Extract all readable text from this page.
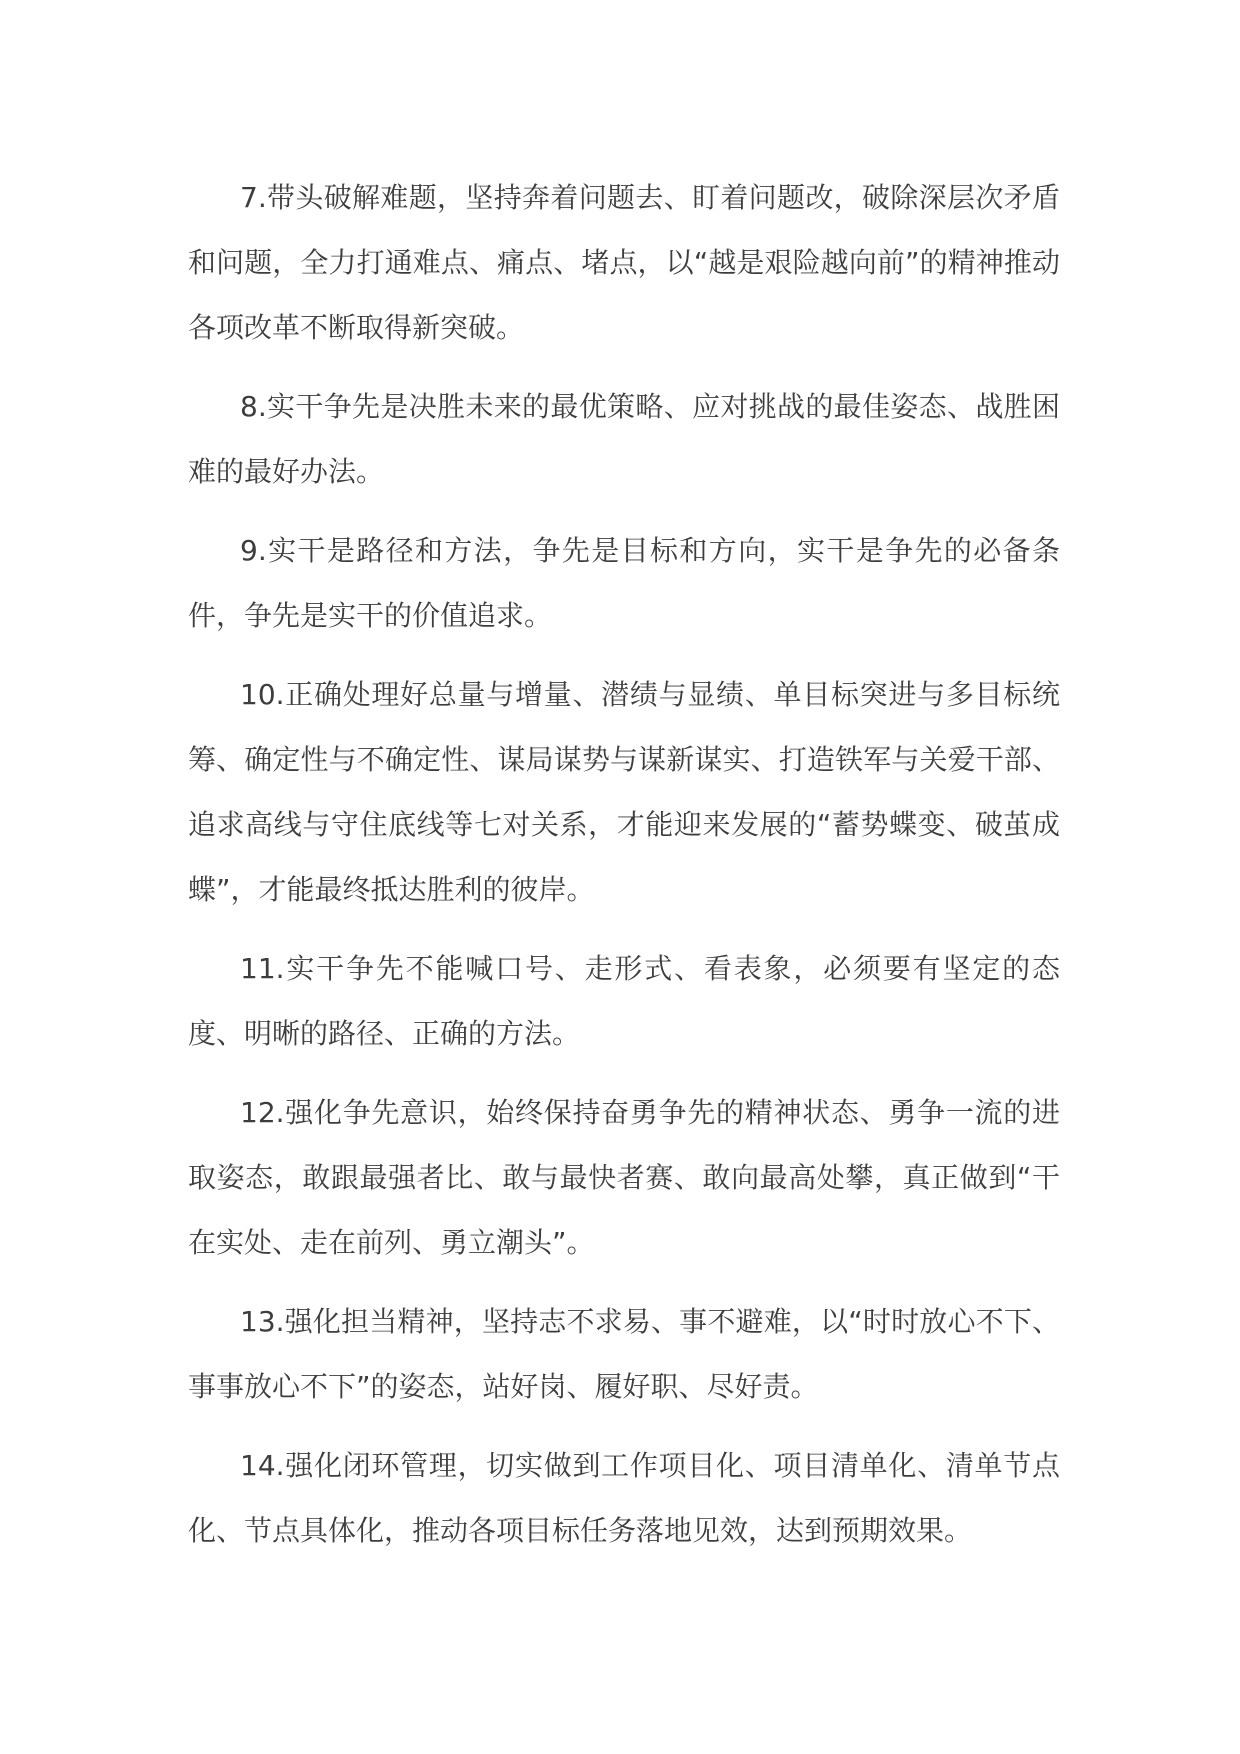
7.带头破解难题，坚持奔着问题去、盯着问题改，破除深层次矛盾和问题，全力打通难点、痛点、堵点，以“越是艰险越向前”的精神推动各项改革不断取得新突破。

8.实干争先是决胜未来的最优策略、应对挑战的最佳姿态、战胜困难的最好办法。

9.实干是路径和方法，争先是目标和方向，实干是争先的必备条件，争先是实干的价值追求。

10.正确处理好总量与增量、潜绩与显绩、单目标突进与多目标统筹、确定性与不确定性、谋局谋势与谋新谋实、打造铁军与关爱干部、追求高线与守住底线等七对关系，才能迎来发展的“蓄势蝶变、破茧成蝶”，才能最终抵达胜利的彼岸。

11.实干争先不能喊口号、走形式、看表象，必须要有坚定的态度、明晰的路径、正确的方法。

12.强化争先意识，始终保持奋勇争先的精神状态、勇争一流的进取姿态，敢跟最强者比、敢与最快者赛、敢向最高处攀，真正做到“干在实处、走在前列、勇立潮头”。

13.强化担当精神，坚持志不求易、事不避难，以“时时放心不下、事事放心不下”的姿态，站好岗、履好职、尽好责。

14.强化闭环管理，切实做到工作项目化、项目清单化、清单节点化、节点具体化，推动各项目标任务落地见效，达到预期效果。
